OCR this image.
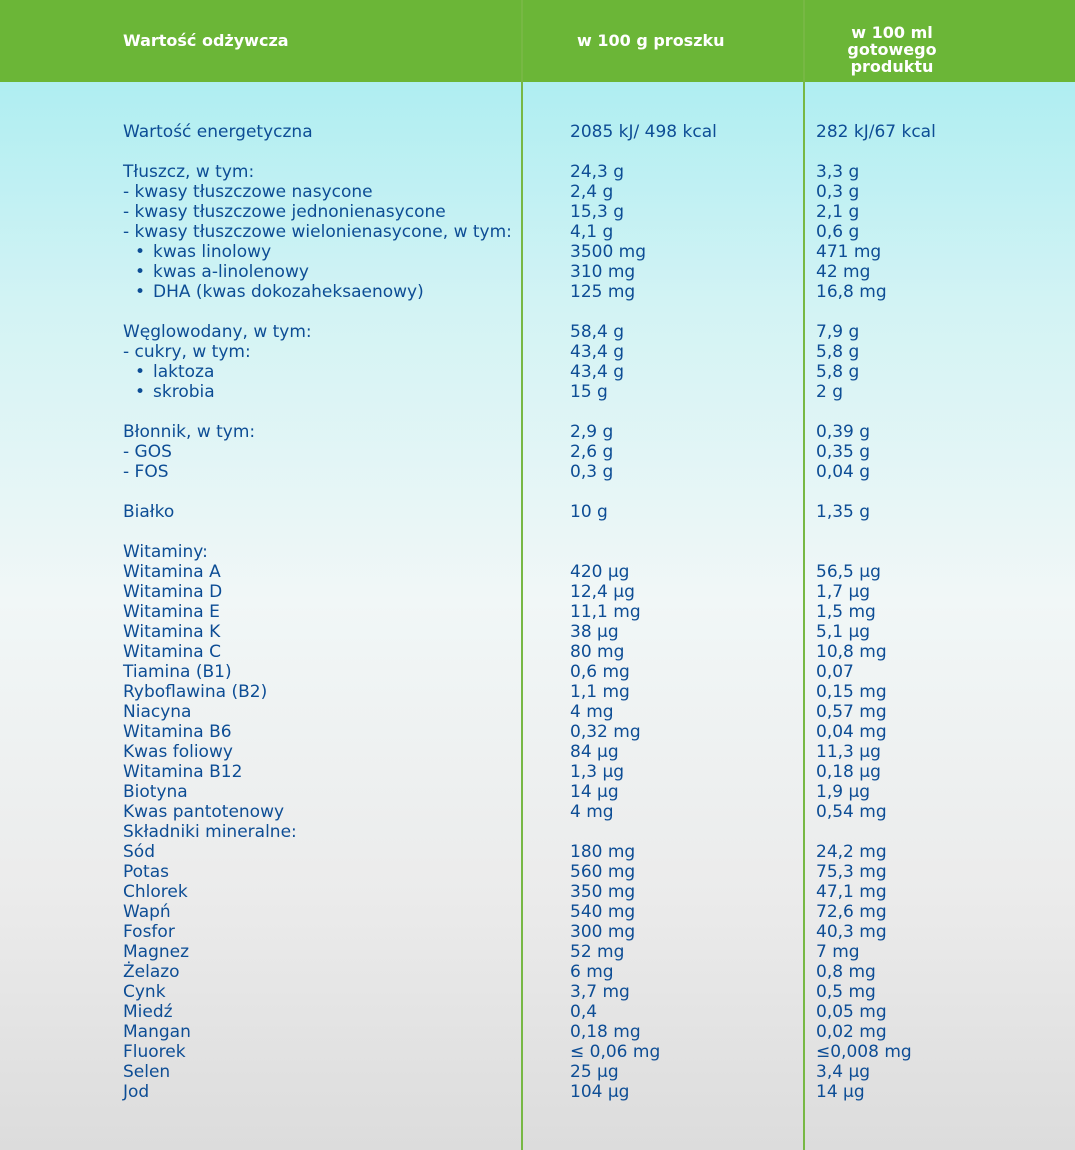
Wartość odżywcza	w 100 g proszku	w 100 ml gotowego produktu
Wartość energetyczna	2085 kJ/ 498 kcal	282 kJ/67 kcal
Tłuszcz, w tym:	24,3 g	3,3 g
- kwasy tłuszczowe nasycone	2,4 g	0,3 g
- kwasy tłuszczowe jednonienasycone	15,3 g	2,1 g
- kwasy tłuszczowe wielonienasycone, w tym:	4,1 g	0,6 g
• kwas linolowy	3500 mg	471 mg
• kwas a-linolenowy	310 mg	42 mg
• DHA (kwas dokozaheksaenowy)	125 mg	16,8 mg
Węglowodany, w tym:	58,4 g	7,9 g
- cukry, w tym:	43,4 g	5,8 g
• laktoza	43,4 g	5,8 g
• skrobia	15 g	2 g
Błonnik, w tym:	2,9 g	0,39 g
- GOS	2,6 g	0,35 g
- FOS	0,3 g	0,04 g
Białko	10 g	1,35 g
Witaminy:
Witamina A	420 µg	56,5 µg
Witamina D	12,4 µg	1,7 µg
Witamina E	11,1 mg	1,5 mg
Witamina K	38 µg	5,1 µg
Witamina C	80 mg	10,8 mg
Tiamina (B1)	0,6 mg	0,07
Ryboflawina (B2)	1,1 mg	0,15 mg
Niacyna	4 mg	0,57 mg
Witamina B6	0,32 mg	0,04 mg
Kwas foliowy	84 µg	11,3 µg
Witamina B12	1,3 µg	0,18 µg
Biotyna	14 µg	1,9 µg
Kwas pantotenowy	4 mg	0,54 mg
Składniki mineralne:
Sód	180 mg	24,2 mg
Potas	560 mg	75,3 mg
Chlorek	350 mg	47,1 mg
Wapń	540 mg	72,6 mg
Fosfor	300 mg	40,3 mg
Magnez	52 mg	7 mg
Żelazo	6 mg	0,8 mg
Cynk	3,7 mg	0,5 mg
Miedź	0,4	0,05 mg
Mangan	0,18 mg	0,02 mg
Fluorek	≤ 0,06 mg	≤0,008 mg
Selen	25 µg	3,4 µg
Jod	104 µg	14 µg
